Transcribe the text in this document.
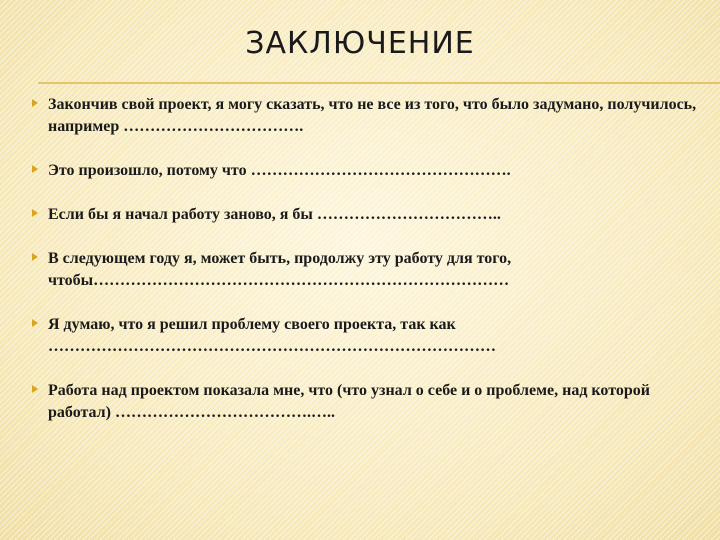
ЗАКЛЮЧЕНИЕ
Закончив свой проект, я могу сказать, что не все из того, что было задумано, получилось, например …………………………….
Это произошло, потому что ………………………………………….
Если бы я начал работу заново, я бы ……………………………..
В следующем году я, может быть, продолжу эту работу для того, чтобы……………………………………………………………………
Я думаю, что я решил проблему своего проекта, так как …………………………………………………………………………
Работа над проектом показала мне, что (что узнал о себе и о проблеме, над которой работал) ……………………………….…..
